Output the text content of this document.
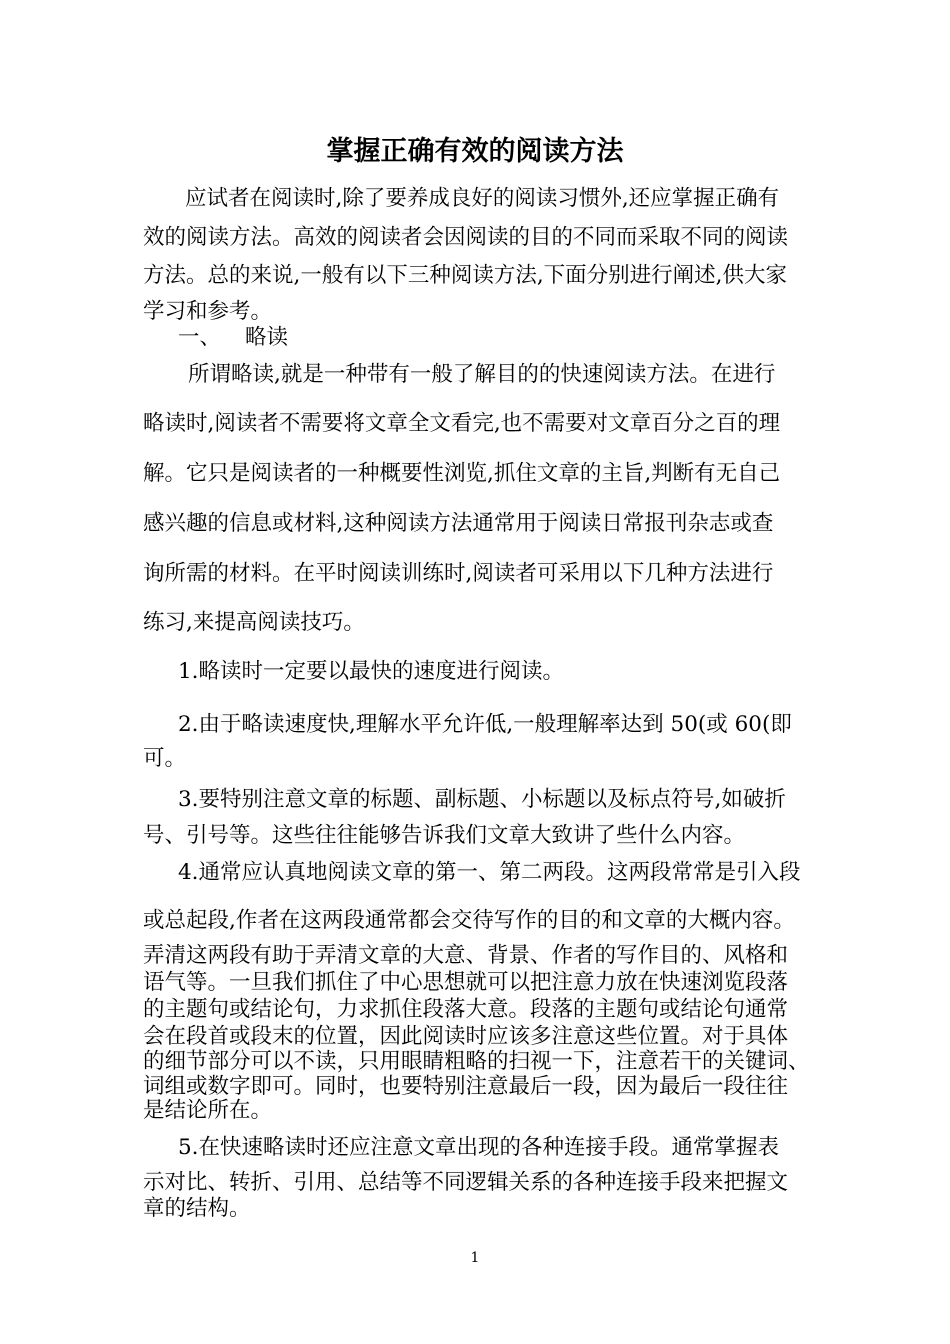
掌握正确有效的阅读方法
应试者在阅读时,除了要养成良好的阅读习惯外,还应掌握正确有
效的阅读方法。高效的阅读者会因阅读的目的不同而采取不同的阅读
方法。总的来说,一般有以下三种阅读方法,下面分别进行阐述,供大家
学习和参考。
一、 略读
所谓略读,就是一种带有一般了解目的的快速阅读方法。在进行
略读时,阅读者不需要将文章全文看完,也不需要对文章百分之百的理
解。它只是阅读者的一种概要性浏览,抓住文章的主旨,判断有无自己
感兴趣的信息或材料,这种阅读方法通常用于阅读日常报刊杂志或查
询所需的材料。在平时阅读训练时,阅读者可采用以下几种方法进行
练习,来提高阅读技巧。
1.略读时一定要以最快的速度进行阅读。
2.由于略读速度快,理解水平允许低,一般理解率达到 50(或 60(即
可。
3.要特别注意文章的标题、副标题、小标题以及标点符号,如破折
号、引号等。这些往往能够告诉我们文章大致讲了些什么内容。
4.通常应认真地阅读文章的第一、第二两段。这两段常常是引入段
或总起段,作者在这两段通常都会交待写作的目的和文章的大概内容。
弄清这两段有助于弄清文章的大意、背景、作者的写作目的、风格和
语气等。一旦我们抓住了中心思想就可以把注意力放在快速浏览段落
的主题句或结论句，力求抓住段落大意。段落的主题句或结论句通常
会在段首或段末的位置，因此阅读时应该多注意这些位置。对于具体
的细节部分可以不读，只用眼睛粗略的扫视一下，注意若干的关键词、
词组或数字即可。同时，也要特别注意最后一段，因为最后一段往往
是结论所在。
5.在快速略读时还应注意文章出现的各种连接手段。通常掌握表
示对比、转折、引用、总结等不同逻辑关系的各种连接手段来把握文
章的结构。
1
